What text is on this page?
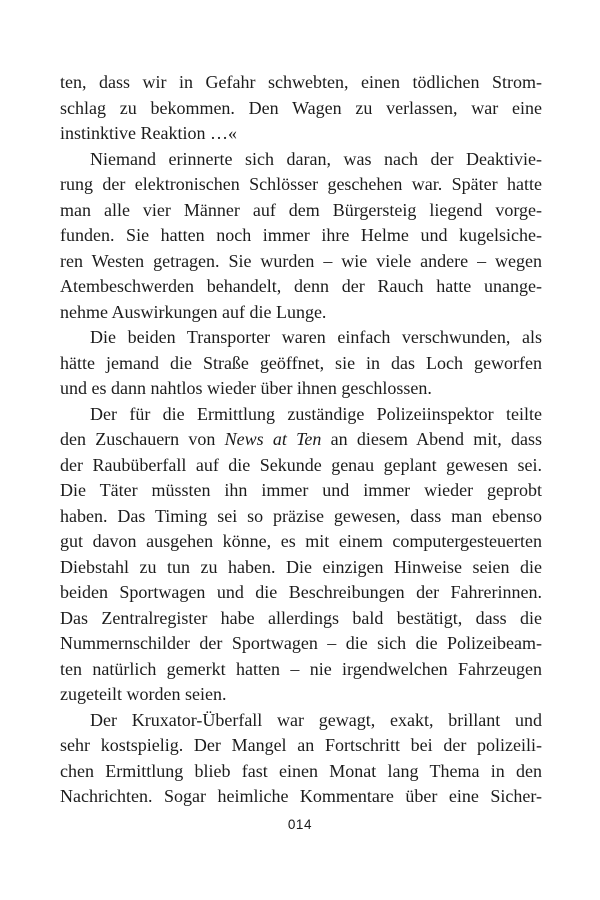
ten, dass wir in Gefahr schwebten, einen tödlichen Strom-
schlag zu bekommen. Den Wagen zu verlassen, war eine
instinktive Reaktion …«
Niemand erinnerte sich daran, was nach der Deaktivie-
rung der elektronischen Schlösser geschehen war. Später hatte
man alle vier Männer auf dem Bürgersteig liegend vorge-
funden. Sie hatten noch immer ihre Helme und kugelsiche-
ren Westen getragen. Sie wurden – wie viele andere – wegen
Atembeschwerden behandelt, denn der Rauch hatte unange-
nehme Auswirkungen auf die Lunge.
Die beiden Transporter waren einfach verschwunden, als
hätte jemand die Straße geöffnet, sie in das Loch geworfen
und es dann nahtlos wieder über ihnen geschlossen.
Der für die Ermittlung zuständige Polizeiinspektor teilte
den Zuschauern von News at Ten an diesem Abend mit, dass
der Raubüberfall auf die Sekunde genau geplant gewesen sei.
Die Täter müssten ihn immer und immer wieder geprobt
haben. Das Timing sei so präzise gewesen, dass man ebenso
gut davon ausgehen könne, es mit einem computergesteuerten
Diebstahl zu tun zu haben. Die einzigen Hinweise seien die
beiden Sportwagen und die Beschreibungen der Fahrerinnen.
Das Zentralregister habe allerdings bald bestätigt, dass die
Nummernschilder der Sportwagen – die sich die Polizeibeam-
ten natürlich gemerkt hatten – nie irgendwelchen Fahrzeugen
zugeteilt worden seien.
Der Kruxator-Überfall war gewagt, exakt, brillant und
sehr kostspielig. Der Mangel an Fortschritt bei der polizeili-
chen Ermittlung blieb fast einen Monat lang Thema in den
Nachrichten. Sogar heimliche Kommentare über eine Sicher-
014
